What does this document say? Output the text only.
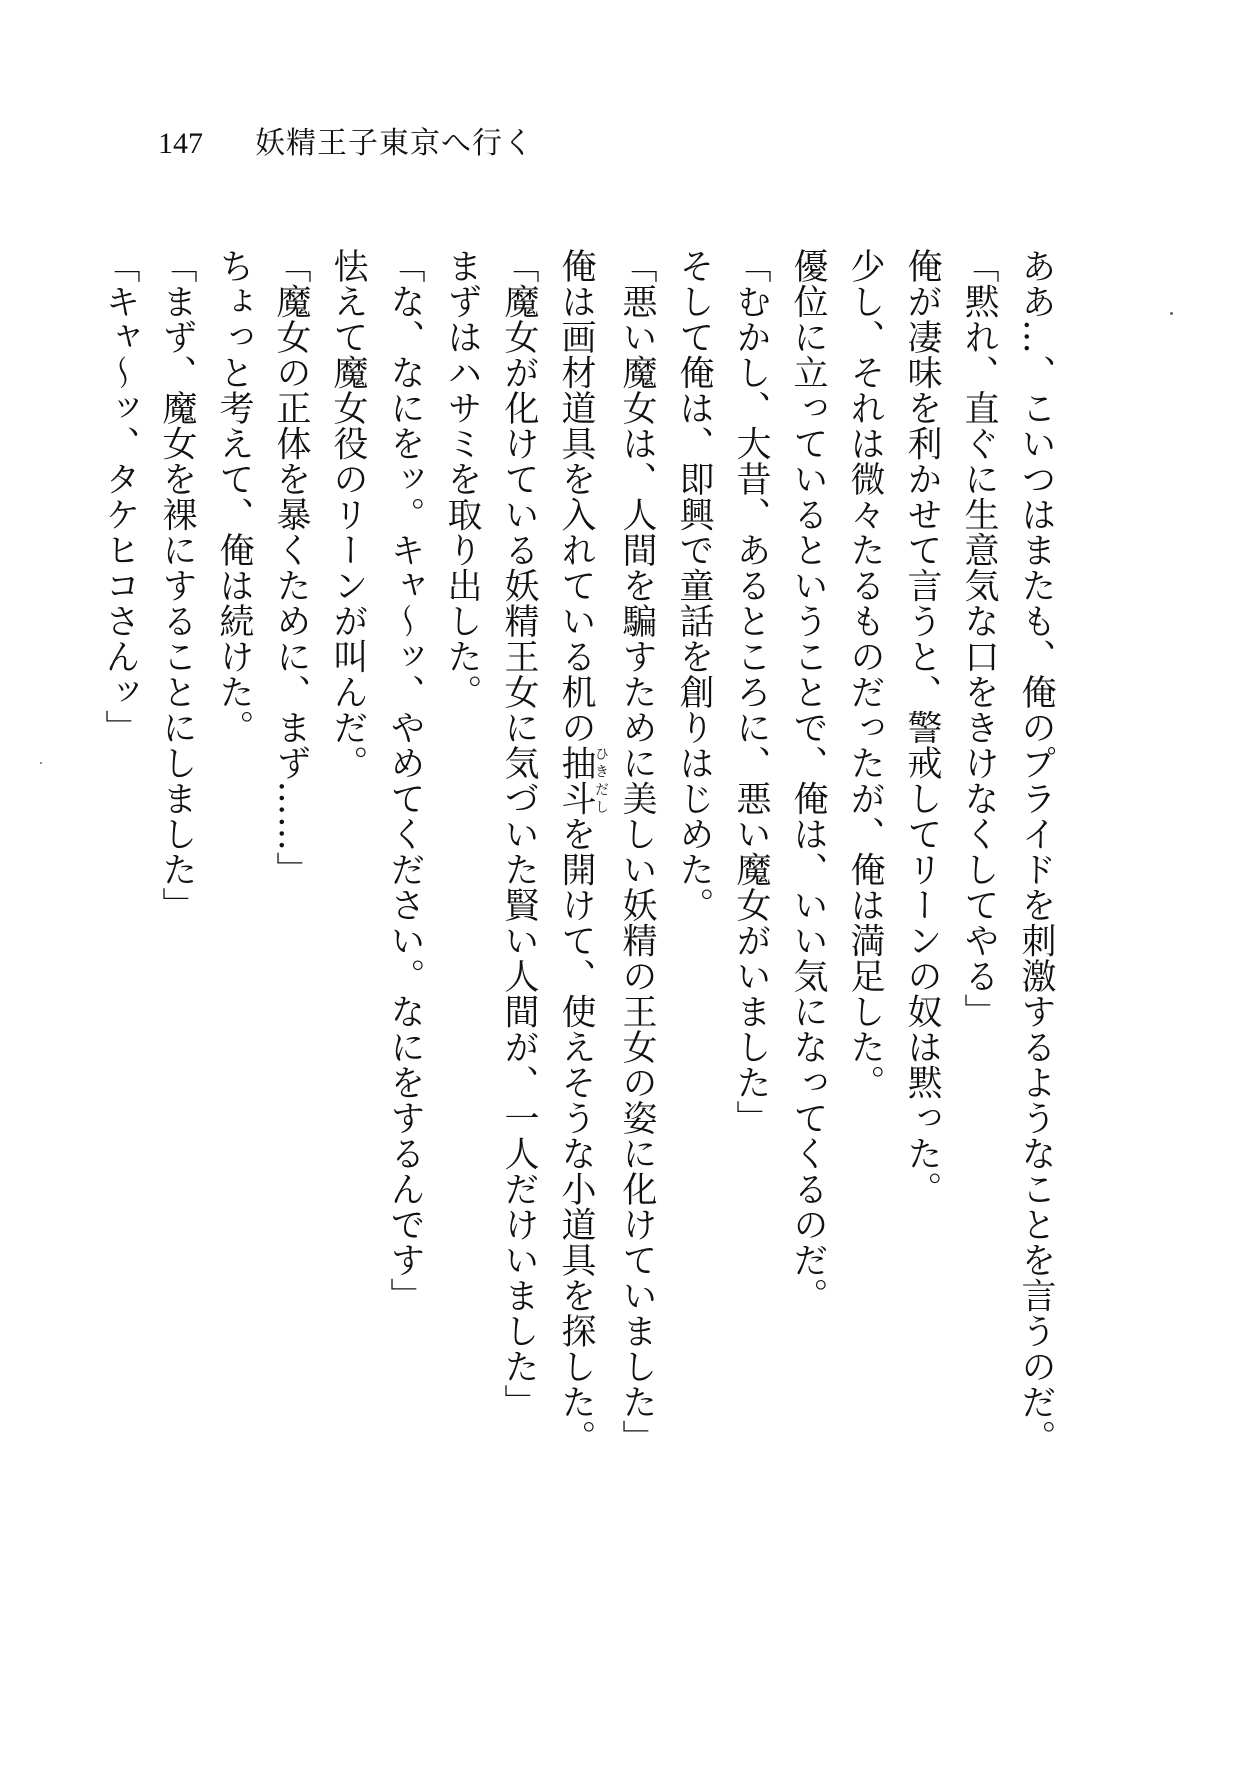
147 妖精王子東京へ行く
ああ…、こいつはまたも、俺のプライドを刺激するようなことを言うのだ。
「黙れ、直ぐに生意気な口をきけなくしてやる」
俺が凄味を利かせて言うと、警戒してリーンの奴は黙った。
少し、それは微々たるものだったが、俺は満足した。
優位に立っているということで、俺は、いい気になってくるのだ。
「むかし、大昔、あるところに、悪い魔女がいました」
そして俺は、即興で童話を創りはじめた。
「悪い魔女は、人間を騙すために美しい妖精の王女の姿に化けていました」
俺は画材道具を入れている机の抽斗ひきだしを開けて、使えそうな小道具を探した。
「魔女が化けている妖精王女に気づいた賢い人間が、一人だけいました」
まずはハサミを取り出した。
「な、なにをッ。キャ～ッ、やめてください。なにをするんです」
怯えて魔女役のリーンが叫んだ。
「魔女の正体を暴くために、まず……」
ちょっと考えて、俺は続けた。
「まず、魔女を裸にすることにしました」
「キャ～ッ、タケヒコさんッ」
